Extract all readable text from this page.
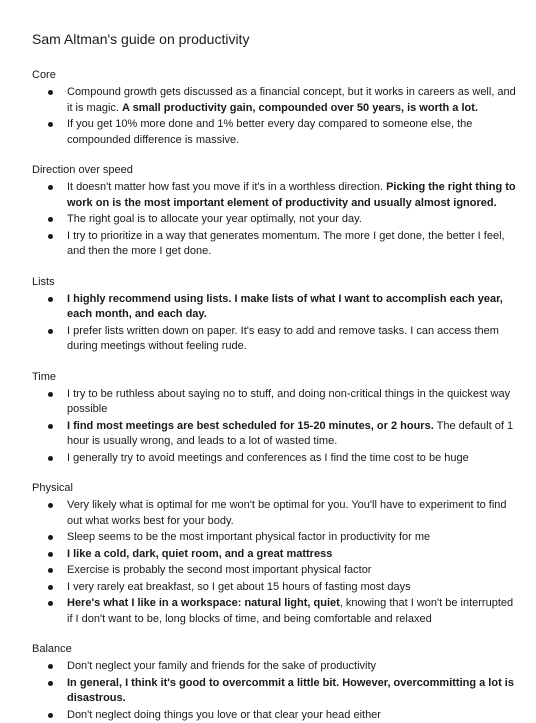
Sam Altman's guide on productivity
Core
Compound growth gets discussed as a financial concept, but it works in careers as well, and it is magic. A small productivity gain, compounded over 50 years, is worth a lot.
If you get 10% more done and 1% better every day compared to someone else, the compounded difference is massive.
Direction over speed
It doesn't matter how fast you move if it's in a worthless direction. Picking the right thing to work on is the most important element of productivity and usually almost ignored.
The right goal is to allocate your year optimally, not your day.
I try to prioritize in a way that generates momentum. The more I get done, the better I feel, and then the more I get done.
Lists
I highly recommend using lists. I make lists of what I want to accomplish each year, each month, and each day.
I prefer lists written down on paper. It's easy to add and remove tasks. I can access them during meetings without feeling rude.
Time
I try to be ruthless about saying no to stuff, and doing non-critical things in the quickest way possible
I find most meetings are best scheduled for 15-20 minutes, or 2 hours. The default of 1 hour is usually wrong, and leads to a lot of wasted time.
I generally try to avoid meetings and conferences as I find the time cost to be huge
Physical
Very likely what is optimal for me won't be optimal for you. You'll have to experiment to find out what works best for your body.
Sleep seems to be the most important physical factor in productivity for me
I like a cold, dark, quiet room, and a great mattress
Exercise is probably the second most important physical factor
I very rarely eat breakfast, so I get about 15 hours of fasting most days
Here's what I like in a workspace: natural light, quiet, knowing that I won't be interrupted if I don't want to be, long blocks of time, and being comfortable and relaxed
Balance
Don't neglect your family and friends for the sake of productivity
In general, I think it's good to overcommit a little bit. However, overcommitting a lot is disastrous.
Don't neglect doing things you love or that clear your head either
